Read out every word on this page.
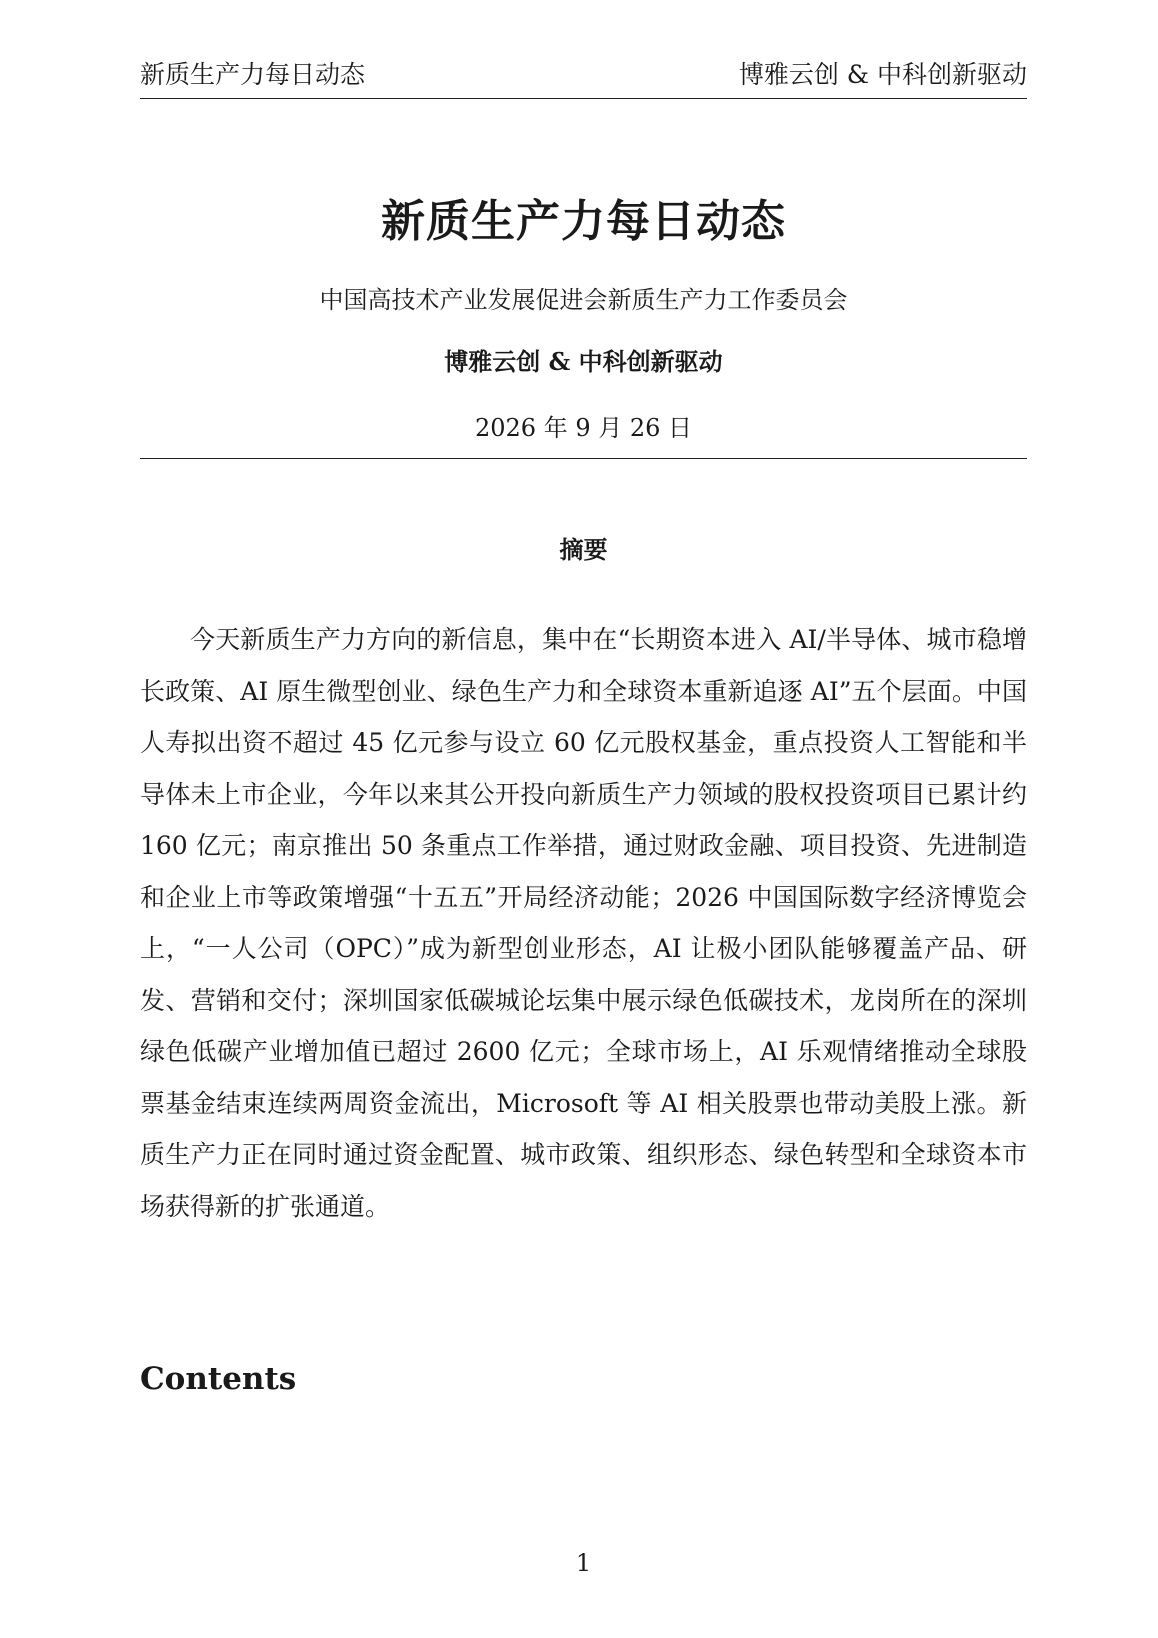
新质生产力每日动态	博雅云创 & 中科创新驱动
新质生产力每日动态
中国高技术产业发展促进会新质生产力工作委员会
博雅云创 & 中科创新驱动
2026 年 9 月 26 日
摘要

今天新质生产力方向的新信息，集中在“长期资本进入 AI/半导体、城市稳增长政策、AI 原生微型创业、绿色生产力和全球资本重新追逐 AI”五个层面。中国人寿拟出资不超过 45 亿元参与设立 60 亿元股权基金，重点投资人工智能和半导体未上市企业，今年以来其公开投向新质生产力领域的股权投资项目已累计约 160 亿元；南京推出 50 条重点工作举措，通过财政金融、项目投资、先进制造和企业上市等政策增强“十五五”开局经济动能；2026 中国国际数字经济博览会上，“一人公司（OPC）”成为新型创业形态，AI 让极小团队能够覆盖产品、研发、营销和交付；深圳国家低碳城论坛集中展示绿色低碳技术，龙岗所在的深圳绿色低碳产业增加值已超过 2600 亿元；全球市场上，AI 乐观情绪推动全球股票基金结束连续两周资金流出，Microsoft 等 AI 相关股票也带动美股上涨。新质生产力正在同时通过资金配置、城市政策、组织形态、绿色转型和全球资本市场获得新的扩张通道。

Contents
1
